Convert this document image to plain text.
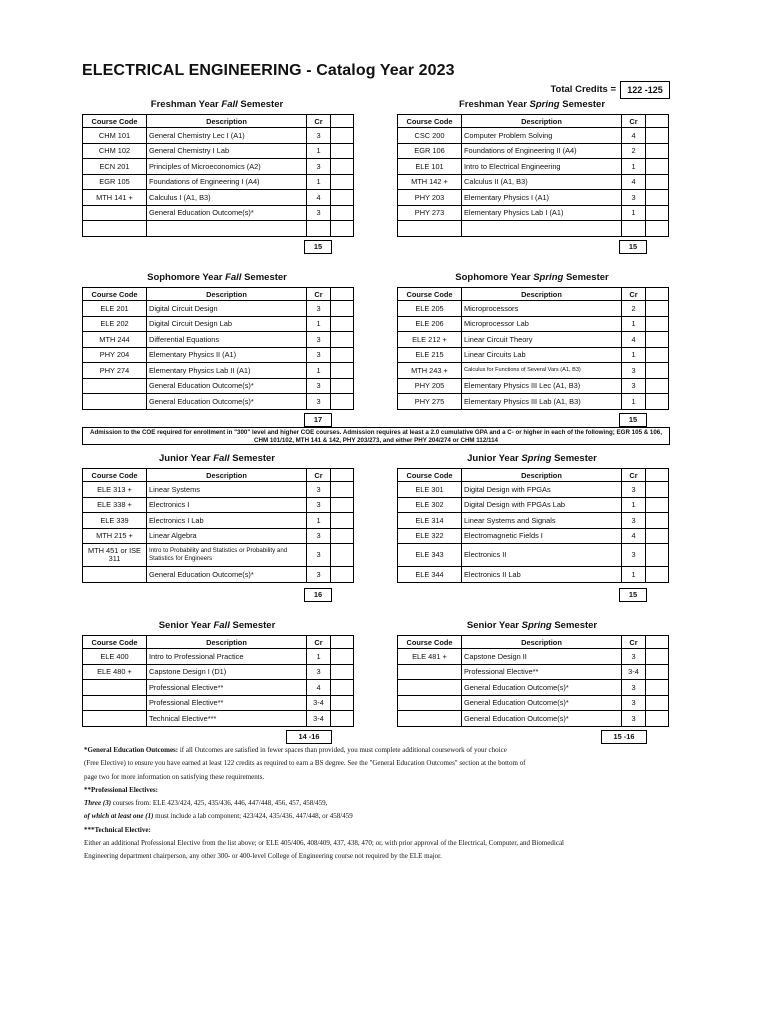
ELECTRICAL ENGINEERING - Catalog Year 2023
Total Credits =	122 -125
Admission to the COE required for enrollment in "300" level and higher COE courses. Admission requires at least a 2.0 cumulative GPA and a C- or higher in each of the following; EGR 105 & 106, CHM 101/102, MTH 141 & 142, PHY 203/273, and either PHY 204/274 or CHM 112/114

*General Education Outcomes: if all Outcomes are satisfied in fewer spaces than provided, you must complete additional coursework of your choice

(Free Elective) to ensure you have earned at least 122 credits as required to earn a BS degree. See the "General Education Outcomes" section at the bottom of

page two for more information on satisfying these requirements.

**Professional Electives:

Three (3) courses from: ELE 423/424, 425, 435/436, 446, 447/448, 456, 457, 458/459,

of which at least one (1) must include a lab component; 423/424, 435/436, 447/448, or 458/459

***Technical Elective:

Either an additional Professional Elective from the list above; or ELE 405/406, 408/409, 437, 438, 470; or, with prior approval of the Electrical, Computer, and Biomedical

Engineering department chairperson, any other 300- or 400-level College of Engineering course not required by the ELE major.

Freshman Year Fall Semester
Course Code	Description	Cr	
CHM 101	General Chemistry Lec I (A1)	3	
CHM 102	General Chemistry I Lab	1	
ECN 201	Principles of Microeconomics (A2)	3	
EGR 105	Foundations of Engineering I (A4)	1	
MTH 141 +	Calculus I (A1, B3)	4	
	General Education Outcome(s)*	3	

15
Freshman Year Spring Semester
Course Code	Description	Cr	
CSC 200	Computer Problem Solving	4	
EGR 106	Foundations of Engineering II (A4)	2	
ELE 101	Intro to Electrical Engineering	1	
MTH 142 +	Calculus II (A1, B3)	4	
PHY 203	Elementary Physics I (A1)	3	
PHY 273	Elementary Physics Lab I (A1)	1	

15
Sophomore Year Fall Semester
Course Code	Description	Cr	
ELE 201	Digital Circuit Design	3	
ELE 202	Digital Circuit Design Lab	1	
MTH 244	Differential Equations	3	
PHY 204	Elementary Physics II (A1)	3	
PHY 274	Elementary Physics Lab II (A1)	1	
	General Education Outcome(s)*	3	
	General Education Outcome(s)*	3	
17
Sophomore Year Spring Semester
Course Code	Description	Cr	
ELE 205	Microprocessors	2	
ELE 206	Microprocessor Lab	1	
ELE 212 +	Linear Circuit Theory	4	
ELE 215	Linear Circuits Lab	1	
MTH 243 +	Calculus for Functions of Several Vars (A1, B3)	3	
PHY 205	Elementary Physics III Lec (A1, B3)	3	
PHY 275	Elementary Physics III Lab (A1, B3)	1	
15
Junior Year Fall Semester
Course Code	Description	Cr	
ELE 313 +	Linear Systems	3	
ELE 338 +	Electronics I	3	
ELE 339	Electronics I Lab	1	
MTH 215 +	Linear Algebra	3	
MTH 451 or ISE 311	Intro to Probability and Statistics or Probability and Statistics for Engineers	3	
	General Education Outcome(s)*	3	
16
Junior Year Spring Semester
Course Code	Description	Cr	
ELE 301	Digital Design with FPGAs	3	
ELE 302	Digital Design with FPGAs Lab	1	
ELE 314	Linear Systems and Signals	3	
ELE 322	Electromagnetic Fields I	4	
ELE 343	Electronics II	3	
ELE 344	Electronics II Lab	1	
15
Senior Year Fall Semester
Course Code	Description	Cr	
ELE 400	Intro to Professional Practice	1	
ELE 480 +	Capstone Design I (D1)	3	
	Professional Elective**	4	
	Professional Elective**	3-4	
	Technical Elective***	3-4	
14 -16
Senior Year Spring Semester
Course Code	Description	Cr	
ELE 481 +	Capstone Design II	3	
	Professional Elective**	3-4	
	General Education Outcome(s)*	3	
	General Education Outcome(s)*	3	
	General Education Outcome(s)*	3	
15 -16
